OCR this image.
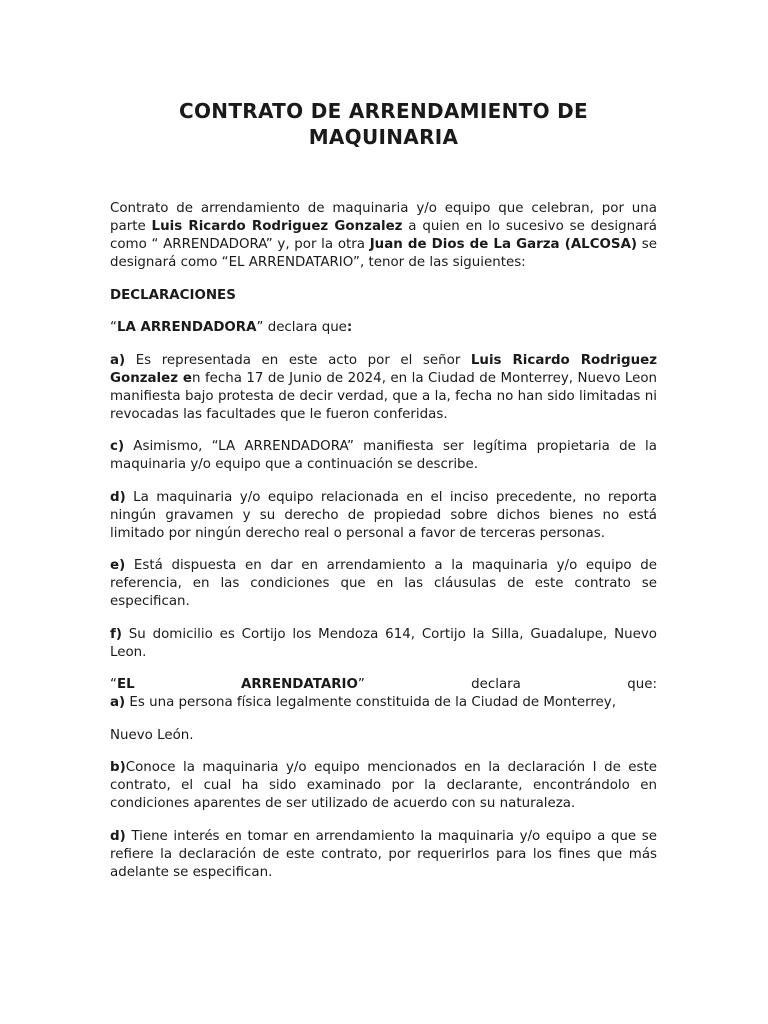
CONTRATO DE ARRENDAMIENTO DE
MAQUINARIA

Contrato de arrendamiento de maquinaria y/o equipo que celebran, por una parte Luis Ricardo Rodriguez Gonzalez a quien en lo sucesivo se designará como “ ARRENDADORA” y, por la otra Juan de Dios de La Garza (ALCOSA) se designará como “EL ARRENDATARIO”, tenor de las siguientes:

DECLARACIONES

“LA ARRENDADORA” declara que:

a) Es representada en este acto por el señor Luis Ricardo Rodriguez Gonzalez en fecha 17 de Junio de 2024, en la Ciudad de Monterrey, Nuevo Leon manifiesta bajo protesta de decir verdad, que a la, fecha no han sido limitadas ni revocadas las facultades que le fueron conferidas.

c) Asimismo, “LA ARRENDADORA” manifiesta ser legítima propietaria de la maquinaria y/o equipo que a continuación se describe.

d) La maquinaria y/o equipo relacionada en el inciso precedente, no reporta ningún gravamen y su derecho de propiedad sobre dichos bienes no está limitado por ningún derecho real o personal a favor de terceras personas.

e) Está dispuesta en dar en arrendamiento a la maquinaria y/o equipo de referencia, en las condiciones que en las cláusulas de este contrato se especifican.

f) Su domicilio es Cortijo los Mendoza 614, Cortijo la Silla, Guadalupe, Nuevo Leon.

“EL	ARRENDATARIO”	declara	que:

a) Es una persona física legalmente constituida de la Ciudad de Monterrey,

Nuevo León.

b)Conoce la maquinaria y/o equipo mencionados en la declaración I de este contrato, el cual ha sido examinado por la declarante, encontrándolo en condiciones aparentes de ser utilizado de acuerdo con su naturaleza.

d) Tiene interés en tomar en arrendamiento la maquinaria y/o equipo a que se refiere la declaración de este contrato, por requerirlos para los fines que más adelante se especifican.
